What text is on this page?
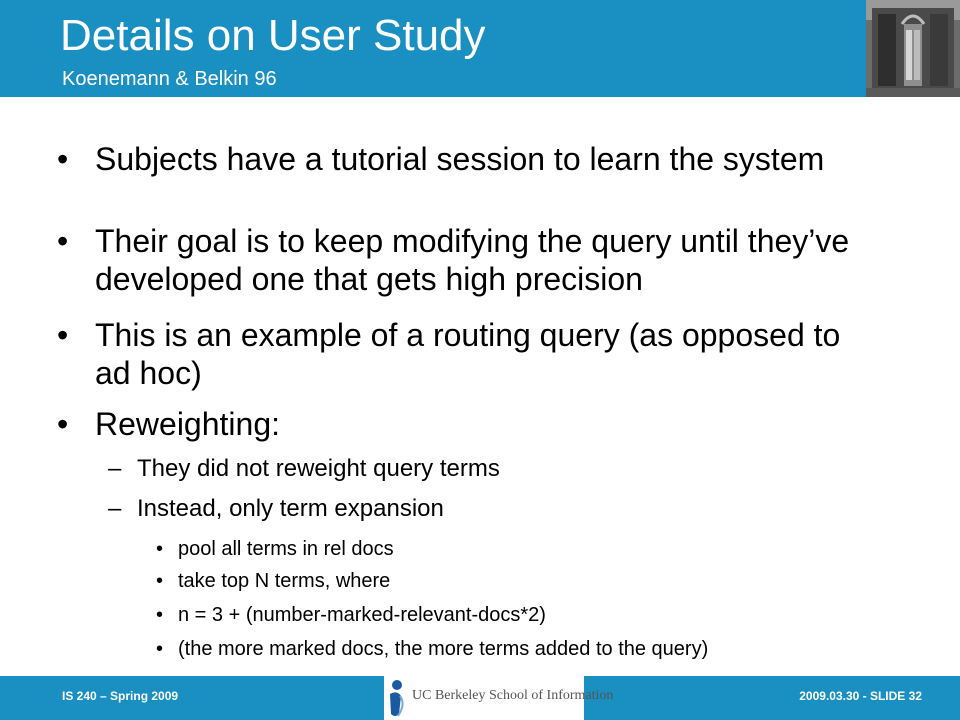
Details on User Study
Koenemann & Belkin 96
• Subjects have a tutorial session to learn the system
• Their goal is to keep modifying the query until they’ve developed one that gets high precision
• This is an example of a routing query (as opposed to ad hoc)
• Reweighting:
– They did not reweight query terms
– Instead, only term expansion
• pool all terms in rel docs
• take top N terms, where
• n = 3 + (number-marked-relevant-docs*2)
• (the more marked docs, the more terms added to the query)
IS 240 – Spring 2009	UC Berkeley School of Information	2009.03.30 - SLIDE 32
